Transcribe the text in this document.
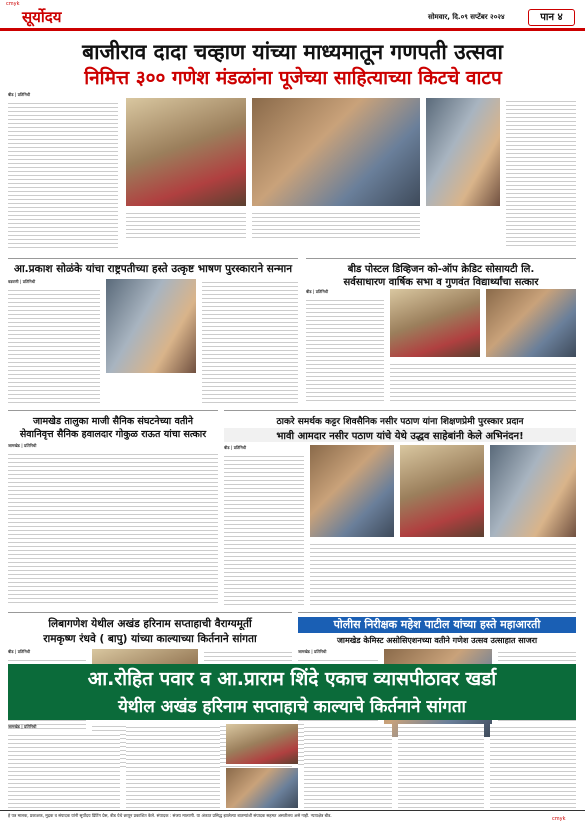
cmyk
सूर्योदय	सोमवार, दि.०९ सप्टेंबर २०२४	पान ४
बाजीराव दादा चव्हाण यांच्या माध्यमातून गणपती उत्सवा
निमित्त ३०० गणेश मंडळांना पूजेच्या साहित्याच्या किटचे वाटप
बीड | प्रतिनिधी
आ.प्रकाश सोळंके यांचा राष्ट्रपतीच्या हस्ते उत्कृष्ट भाषण पुरस्काराने सन्मान
वडवणी | प्रतिनिधी
बीड पोस्टल डिव्हिजन को-ऑप क्रेडिट सोसायटी लि.
सर्वसाधारण वार्षिक सभा व गुणवंत विद्यार्थ्यांचा सत्कार
बीड | प्रतिनिधी
जामखेड तालुका माजी सैनिक संघटनेच्या वतीने
सेवानिवृत्त सैनिक हवालदार गोकुळ राऊत यांचा सत्कार
जामखेड | प्रतिनिधी
ठाकरे समर्थक कट्टर शिवसैनिक नसीर पठाण यांना शिक्षणप्रेमी पुरस्कार प्रदान
भावी आमदार नसीर पठाण यांचे येथे उद्धव साहेबांनी केले अभिनंदन!
बीड | प्रतिनिधी
लिबागणेश येथील अखंड हरिनाम सप्ताहाची वैराग्यमूर्ती
रामकृष्ण रंधवे ( बापु) यांच्या काल्याच्या किर्तनाने सांगता
बीड | प्रतिनिधी
पोलीस निरीक्षक महेश पाटील यांच्या हस्ते महाआरती
जामखेड केमिस्ट असोसिएशनच्या वतीने गणेश उत्सव उत्साहात साजरा
जामखेड | प्रतिनिधी
आ.रोहित पवार व आ.प्राराम शिंदे एकाच व्यासपीठावर खर्डा
येथील अखंड हरिनाम सप्ताहाचे काल्याचे किर्तनाने सांगता
जामखेड | प्रतिनिधी
हे पत्र मालक, प्रकाशक, मुद्रक व संपादक यांनी सूर्योदय प्रिंटिंग प्रेस, बीड येथे छापून प्रकाशित केले. संपादक : संजय मालाणी. या अंकात प्रसिद्ध झालेल्या बातम्यांशी संपादक सहमत असतीलच असे नाही. न्यायक्षेत्र बीड.
cmyk
